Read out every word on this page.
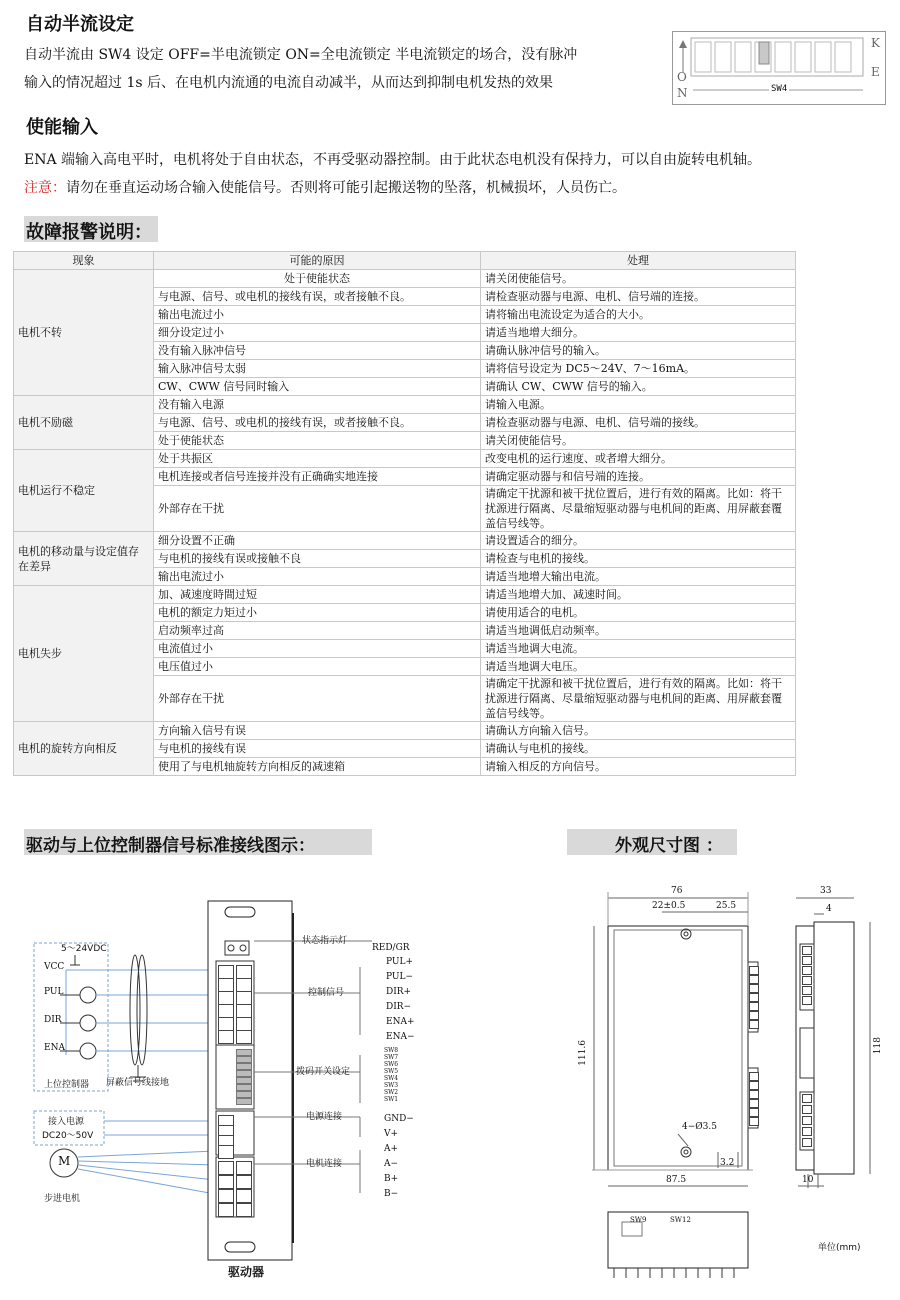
自动半流设定
自动半流由 SW4 设定 OFF=半电流锁定 ON=全电流锁定 半电流锁定的场合，没有脉冲
输入的情况超过 1s 后、在电机内流通的电流自动减半，从而达到抑制电机发热的效果	SW4
K
E
O
N
使能输入
ENA 端输入高电平时，电机将处于自由状态，不再受驱动器控制。由于此状态电机没有保持力，可以自由旋转电机轴。
注意：请勿在垂直运动场合输入使能信号。否则将可能引起搬送物的坠落，机械损坏，人员伤亡。
故障报警说明：
现象	可能的原因	处理
电机不转	处于使能状态	请关闭使能信号。
	与电源、信号、或电机的接线有误，或者接触不良。	请检查驱动器与电源、电机、信号端的连接。
	输出电流过小	请将输出电流设定为适合的大小。
	细分设定过小	请适当地增大细分。
	没有输入脉冲信号	请确认脉冲信号的输入。
	输入脉冲信号太弱	请将信号设定为 DC5～24V、7～16mA。
	CW、CWW 信号同时输入	请确认 CW、CWW 信号的输入。
电机不励磁	没有输入电源	请输入电源。
	与电源、信号、或电机的接线有误，或者接触不良。	请检查驱动器与电源、电机、信号端的接线。
	处于使能状态	请关闭使能信号。
电机运行不稳定	处于共振区	改变电机的运行速度、或者增大细分。
	电机连接或者信号连接并没有正确确实地连接	请确定驱动器与和信号端的连接。
	外部存在干扰	请确定干扰源和被干扰位置后，进行有效的隔离。比如：将干扰源进行隔离、尽量缩短驱动器与电机间的距离、用屏蔽套覆盖信号线等。
电机的移动量与设定值存在差异	细分设置不正确	请设置适合的细分。
	与电机的接线有误或接触不良	请检查与电机的接线。
	输出电流过小	请适当地增大输出电流。
电机失步	加、减速度時間过短	请适当地增大加、减速时间。
	电机的额定力矩过小	请使用适合的电机。
	启动频率过高	请适当地调低启动频率。
	电流值过小	请适当地调大电流。
	电压值过小	请适当地调大电压。
	外部存在干扰	请确定干扰源和被干扰位置后，进行有效的隔离。比如：将干扰源进行隔离、尽量缩短驱动器与电机间的距离、用屏蔽套覆盖信号线等。
电机的旋转方向相反	方向输入信号有误	请确认方向输入信号。
	与电机的接线有误	请确认与电机的接线。
	使用了与电机轴旋转方向相反的减速箱	请输入相反的方向信号。
驱动与上位控制器信号标准接线图示：	外观尺寸图 ：
5～24VDC
VCC
PUL
DIR
ENA
上位控制器 屏蔽信号线接地
接入电源
DC20～50V
M
步进电机
驱动器
状态指示灯
RED/GR
控制信号
拨码开关设定
电源连接
电机连接
PUL+
PUL−
DIR+
DIR−
ENA+
ENA−
SW8
SW7
SW6
SW5
SW4
SW3
SW2
SW1
GND−
V+
A+
A−
B+
B−
76
22±0.5	25.5
111.6
4−Ø3.5
3.2
87.5
33
4
118
10
SW9	SW12
单位(mm)
